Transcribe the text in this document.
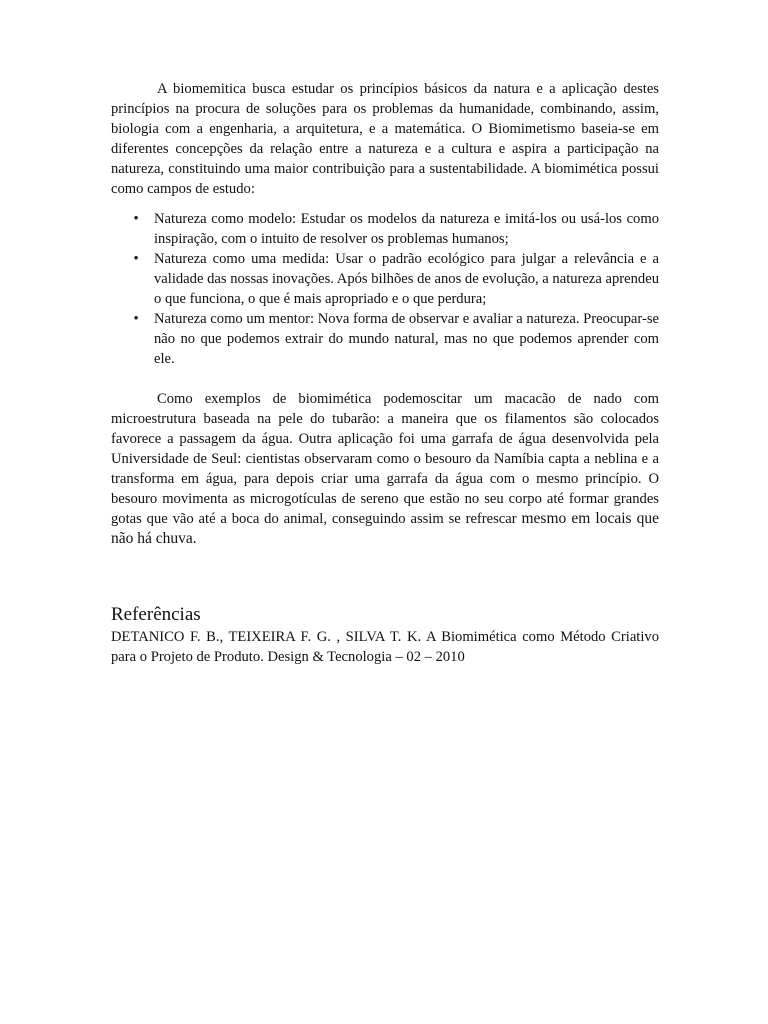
A biomemitica busca estudar os princípios básicos da natura e a aplicação destes princípios na procura de soluções para os problemas da humanidade, combinando, assim, biologia com a engenharia, a arquitetura, e a matemática. O Biomimetismo baseia-se em diferentes concepções da relação entre a natureza e a cultura e aspira a participação na natureza, constituindo uma maior contribuição para a sustentabilidade. A biomimética possui como campos de estudo:

• Natureza como modelo: Estudar os modelos da natureza e imitá-los ou usá-los como inspiração, com o intuito de resolver os problemas humanos;
• Natureza como uma medida: Usar o padrão ecológico para julgar a relevância e a validade das nossas inovações. Após bilhões de anos de evolução, a natureza aprendeu o que funciona, o que é mais apropriado e o que perdura;
• Natureza como um mentor: Nova forma de observar e avaliar a natureza. Preocupar-se não no que podemos extrair do mundo natural, mas no que podemos aprender com ele.

Como exemplos de biomimética podemoscitar um macacão de nado com microestrutura baseada na pele do tubarão: a maneira que os filamentos são colocados favorece a passagem da água. Outra aplicação foi uma garrafa de água desenvolvida pela Universidade de Seul: cientistas observaram como o besouro da Namíbia capta a neblina e a transforma em água, para depois criar uma garrafa da água com o mesmo princípio. O besouro movimenta as microgotículas de sereno que estão no seu corpo até formar grandes gotas que vão até a boca do animal, conseguindo assim se refrescar mesmo em locais que não há chuva.

Referências

DETANICO F. B., TEIXEIRA F. G. , SILVA T. K. A Biomimética como Método Criativo para o Projeto de Produto. Design & Tecnologia – 02 – 2010
